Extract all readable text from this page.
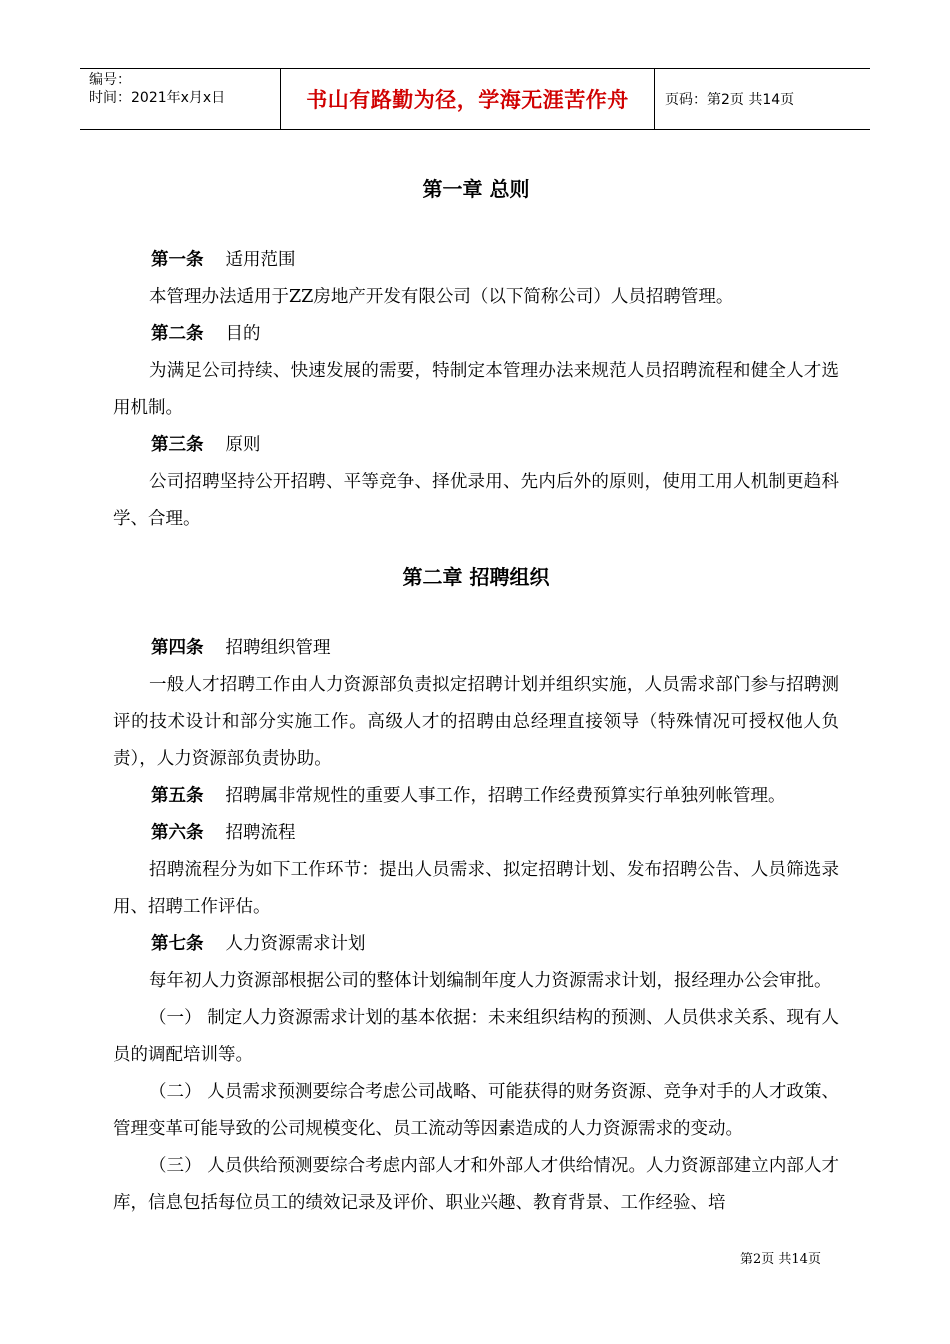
编号：
时间：2021年x月x日	书山有路勤为径，学海无涯苦作舟	页码：第2页 共14页
第一章 总则

第一条 适用范围

本管理办法适用于ZZ房地产开发有限公司（以下简称公司）人员招聘管理。

第二条 目的

为满足公司持续、快速发展的需要，特制定本管理办法来规范人员招聘流程和健全人才选用机制。

第三条 原则

公司招聘坚持公开招聘、平等竞争、择优录用、先内后外的原则，使用工用人机制更趋科学、合理。

第二章 招聘组织

第四条 招聘组织管理

一般人才招聘工作由人力资源部负责拟定招聘计划并组织实施，人员需求部门参与招聘测评的技术设计和部分实施工作。高级人才的招聘由总经理直接领导（特殊情况可授权他人负责），人力资源部负责协助。

第五条 招聘属非常规性的重要人事工作，招聘工作经费预算实行单独列帐管理。

第六条 招聘流程

招聘流程分为如下工作环节：提出人员需求、拟定招聘计划、发布招聘公告、人员筛选录用、招聘工作评估。

第七条 人力资源需求计划

每年初人力资源部根据公司的整体计划编制年度人力资源需求计划，报经理办公会审批。

（一） 制定人力资源需求计划的基本依据：未来组织结构的预测、人员供求关系、现有人员的调配培训等。

（二） 人员需求预测要综合考虑公司战略、可能获得的财务资源、竞争对手的人才政策、管理变革可能导致的公司规模变化、员工流动等因素造成的人力资源需求的变动。

（三） 人员供给预测要综合考虑内部人才和外部人才供给情况。人力资源部建立内部人才库，信息包括每位员工的绩效记录及评价、职业兴趣、教育背景、工作经验、培

第2页 共14页
